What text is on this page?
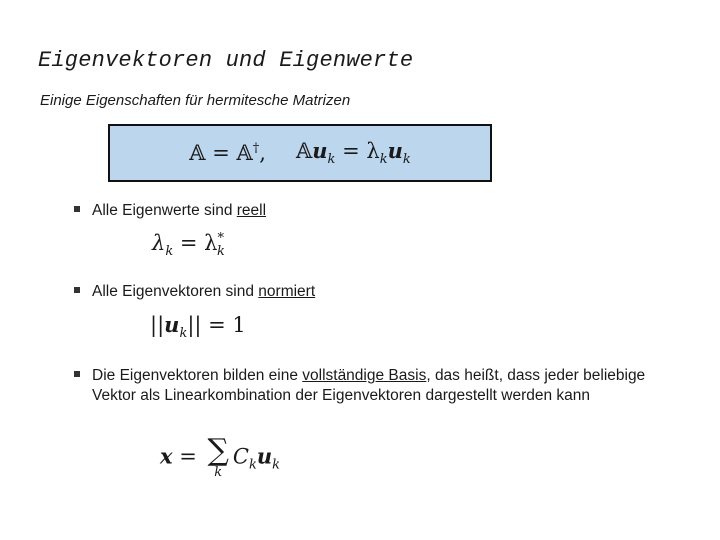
Eigenvektoren und Eigenwerte
Einige Eigenschaften für hermitesche Matrizen
𝔸 = 𝔸†, 𝔸u$_k$ = $\lambda_ku_k$
Alle Eigenwerte sind reell
$\lambda_k = \lambda^*_k$
Alle Eigenvektoren sind normiert
$||u_k|| = 1$
Die Eigenvektoren bilden eine vollständige Basis, das heißt, dass jeder beliebige Vektor als Linearkombination der Eigenvektoren dargestellt werden kann
x = ∑
k
$C_ku_k$
